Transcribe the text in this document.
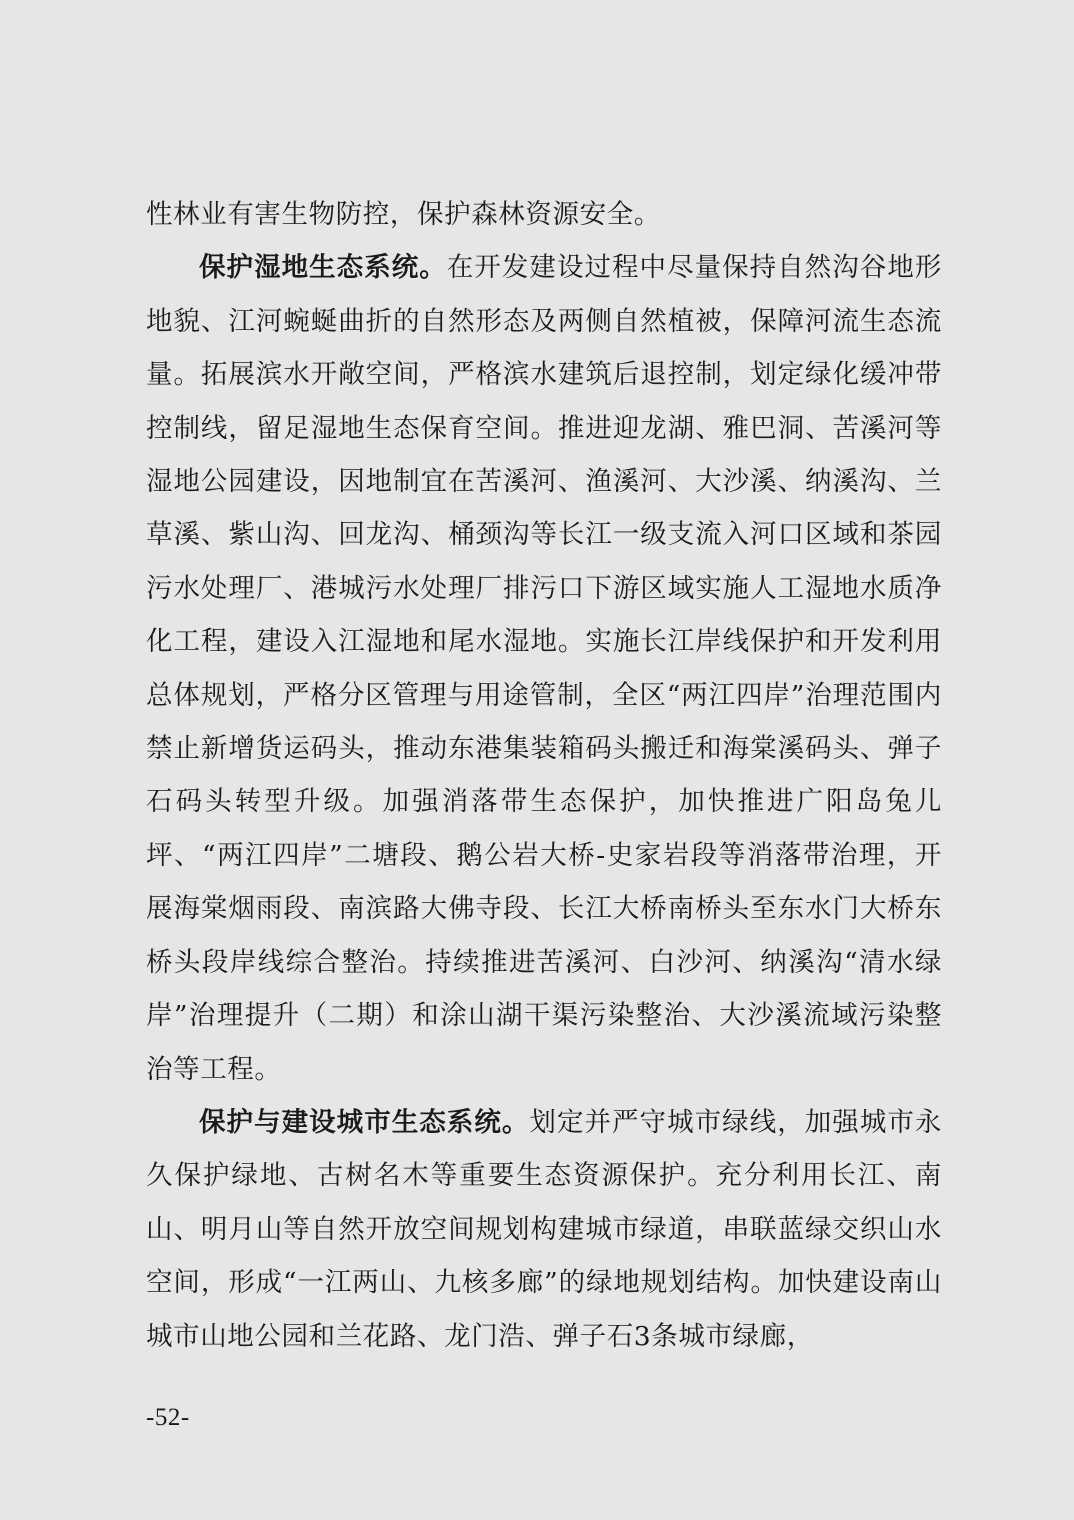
性林业有害生物防控，保护森林资源安全。

保护湿地生态系统。在开发建设过程中尽量保持自然沟谷地形地貌、江河蜿蜒曲折的自然形态及两侧自然植被，保障河流生态流量。拓展滨水开敞空间，严格滨水建筑后退控制，划定绿化缓冲带控制线，留足湿地生态保育空间。推进迎龙湖、雅巴洞、苦溪河等湿地公园建设，因地制宜在苦溪河、渔溪河、大沙溪、纳溪沟、兰草溪、紫山沟、回龙沟、桶颈沟等长江一级支流入河口区域和茶园污水处理厂、港城污水处理厂排污口下游区域实施人工湿地水质净化工程，建设入江湿地和尾水湿地。实施长江岸线保护和开发利用总体规划，严格分区管理与用途管制，全区“两江四岸”治理范围内禁止新增货运码头，推动东港集装箱码头搬迁和海棠溪码头、弹子石码头转型升级。加强消落带生态保护，加快推进广阳岛兔儿坪、“两江四岸”二塘段、鹅公岩大桥-史家岩段等消落带治理，开展海棠烟雨段、南滨路大佛寺段、长江大桥南桥头至东水门大桥东桥头段岸线综合整治。持续推进苦溪河、白沙河、纳溪沟“清水绿岸”治理提升（二期）和涂山湖干渠污染整治、大沙溪流域污染整治等工程。

保护与建设城市生态系统。划定并严守城市绿线，加强城市永久保护绿地、古树名木等重要生态资源保护。充分利用长江、南山、明月山等自然开放空间规划构建城市绿道，串联蓝绿交织山水空间，形成“一江两山、九核多廊”的绿地规划结构。加快建设南山城市山地公园和兰花路、龙门浩、弹子石3条城市绿廊，

-52-
